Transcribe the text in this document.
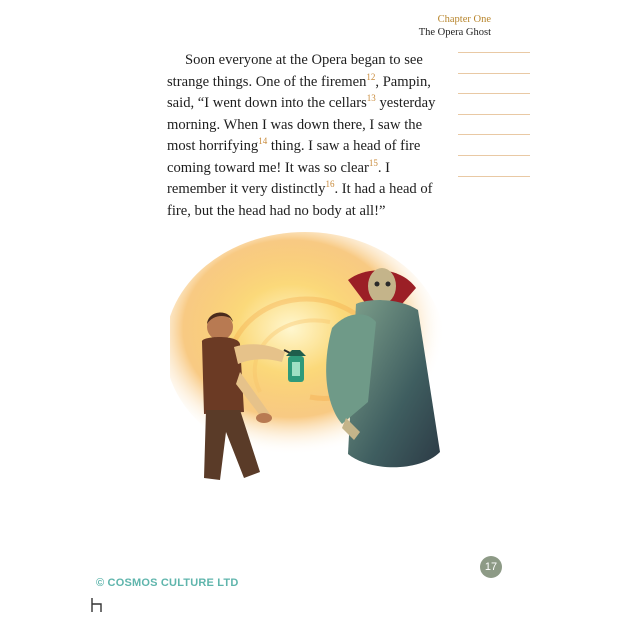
Chapter One
The Opera Ghost

Soon everyone at the Opera began to see strange things. One of the firemen$^{12}$, Pampin, said, “I went down into the cellars$^{13}$ yesterday morning. When I was down there, I saw the most horrifying$^{14}$ thing. I saw a head of fire coming toward me! It was so clear$^{15}$. I remember it very distinctly$^{16}$. It had a head of fire, but the head had no body at all!”

© COSMOS CULTURE LTD
17
